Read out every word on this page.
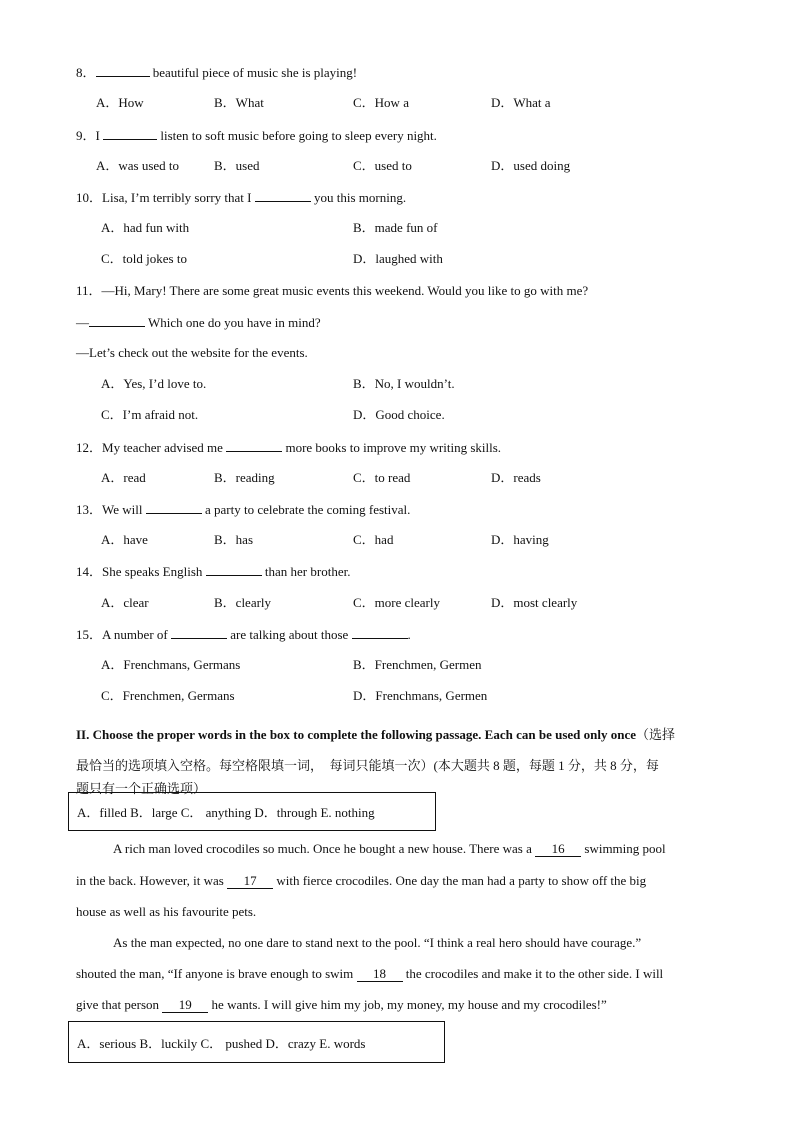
8．	beautiful piece of music she is playing!
A．How	B．What	C．How a	D．What a
9．I	listen to soft music before going to sleep every night.
A．was used to	B．used	C．used to	D．used doing
10．Lisa, I’m terribly sorry that I	you this morning.
A．had fun with	B．made fun of
C．told jokes to	D．laughed with
11．—Hi, Mary! There are some great music events this weekend. Would you like to go with me?
—	Which one do you have in mind?
—Let’s check out the website for the events.
A．Yes, I’d love to.	B．No, I wouldn’t.
C．I’m afraid not.	D．Good choice.
12．My teacher advised me	more books to improve my writing skills.
A．read	B．reading	C．to read	D．reads
13．We will	a party to celebrate the coming festival.
A．have	B．has	C．had	D．having
14．She speaks English	than her brother.
A．clear	B．clearly	C．more clearly	D．most clearly
15．A number of	are talking about those	.
A．Frenchmans, Germans	B．Frenchmen, Germen
C．Frenchmen, Germans	D．Frenchmans, Germen
II. Choose the proper words in the box to complete the following passage. Each can be used only once（选择
最恰当的选项填入空格。每空格限填一词，　每词只能填一次）(本大题共 8 题，每题 1 分，共 8 分，每
题只有一个正确选项）
A．filled B．large C． anything D．through E. nothing
A rich man loved crocodiles so much. Once he bought a new house. There was a 16 swimming pool
in the back. However, it was 17 with fierce crocodiles. One day the man had a party to show off the big
house as well as his favourite pets.
As the man expected, no one dare to stand next to the pool. “I think a real hero should have courage.”
shouted the man, “If anyone is brave enough to swim 18 the crocodiles and make it to the other side. I will
give that person 19 he wants. I will give him my job, my money, my house and my crocodiles!”
A．serious B．luckily C． pushed D．crazy E. words
